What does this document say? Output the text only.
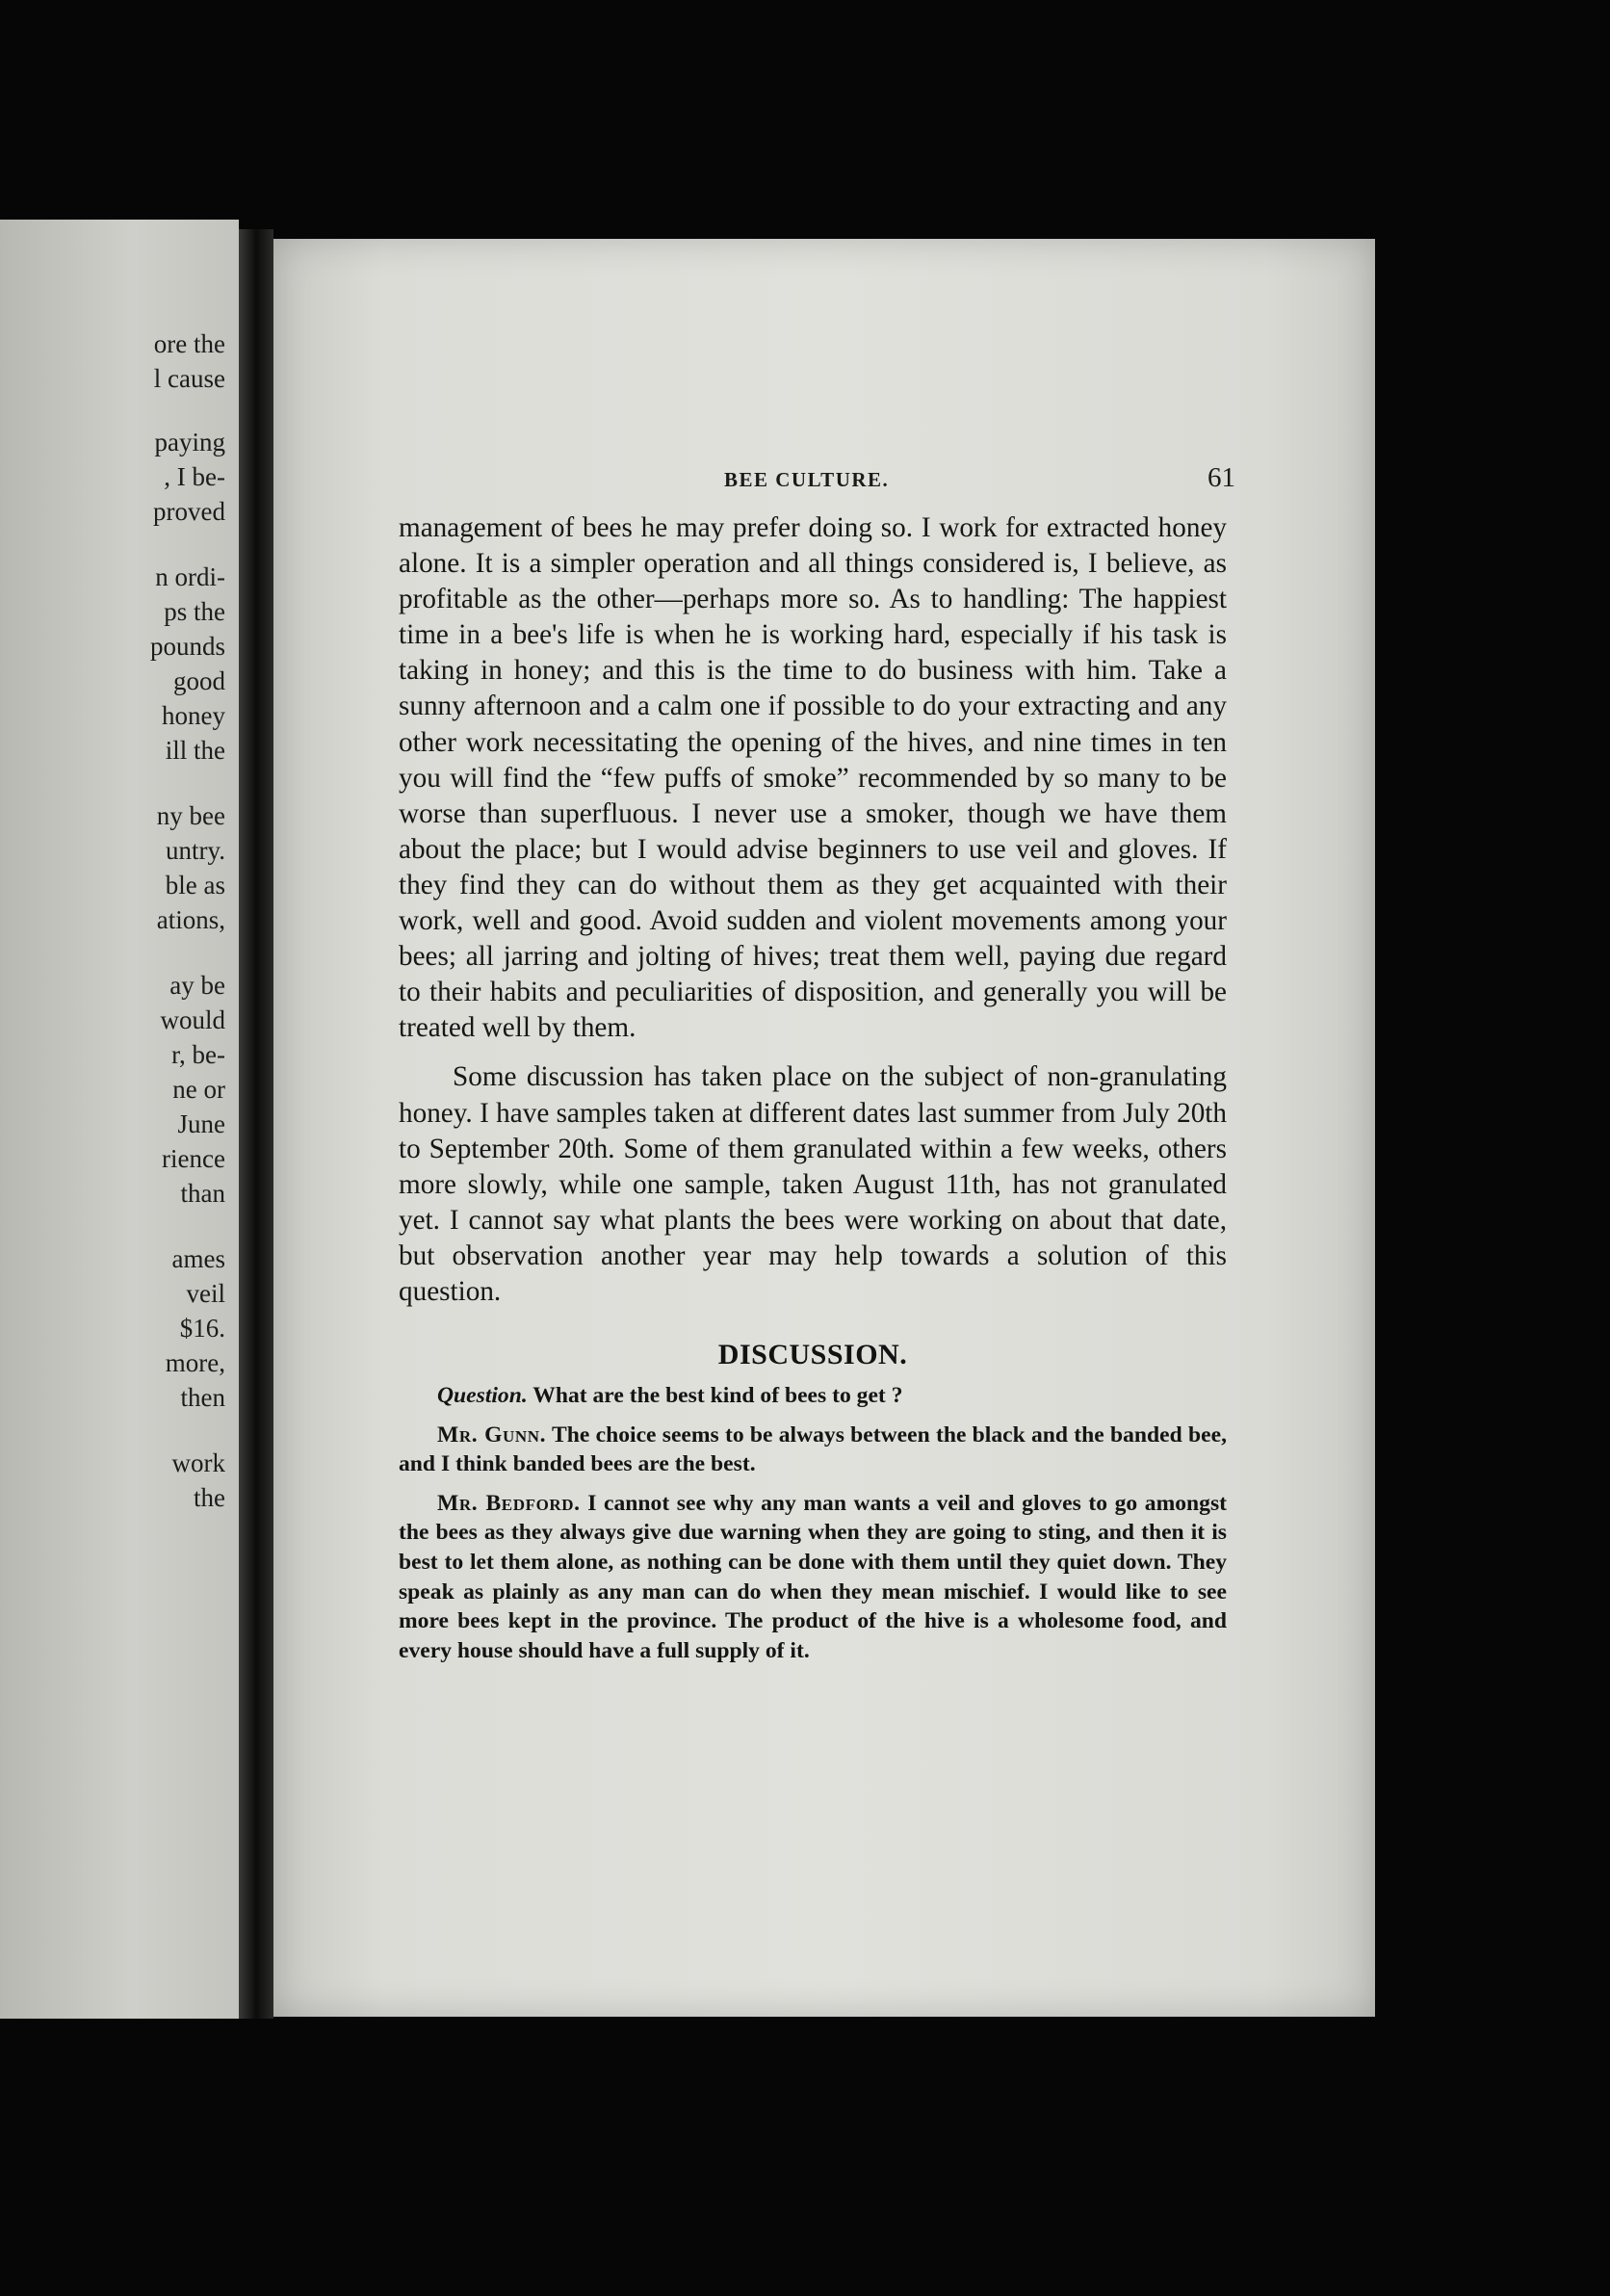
ore the
l cause
paying
, I be-
proved
n ordi-
ps the
pounds
good
honey
ill the
ny bee
untry.
ble as
ations,
ay be
would
r, be-
ne or
June
rience
than
ames
veil
$16.
more,
then
work
the
BEE CULTURE.	61

management of bees he may prefer doing so. I work for extracted honey alone. It is a simpler operation and all things considered is, I believe, as profitable as the other—perhaps more so. As to handling: The happiest time in a bee's life is when he is working hard, especially if his task is taking in honey; and this is the time to do business with him. Take a sunny afternoon and a calm one if possible to do your extracting and any other work necessitating the opening of the hives, and nine times in ten you will find the “few puffs of smoke” recommended by so many to be worse than superfluous. I never use a smoker, though we have them about the place; but I would advise beginners to use veil and gloves. If they find they can do without them as they get acquainted with their work, well and good. Avoid sudden and violent movements among your bees; all jarring and jolting of hives; treat them well, paying due regard to their habits and peculiarities of disposition, and generally you will be treated well by them.

Some discussion has taken place on the subject of non-granulating honey. I have samples taken at different dates last summer from July 20th to September 20th. Some of them granulated within a few weeks, others more slowly, while one sample, taken August 11th, has not granulated yet. I cannot say what plants the bees were working on about that date, but observation another year may help towards a solution of this question.

DISCUSSION.

Question. What are the best kind of bees to get ?

Mr. Gunn. The choice seems to be always between the black and the banded bee, and I think banded bees are the best.

Mr. Bedford. I cannot see why any man wants a veil and gloves to go amongst the bees as they always give due warning when they are going to sting, and then it is best to let them alone, as nothing can be done with them until they quiet down. They speak as plainly as any man can do when they mean mischief. I would like to see more bees kept in the province. The product of the hive is a wholesome food, and every house should have a full supply of it.
